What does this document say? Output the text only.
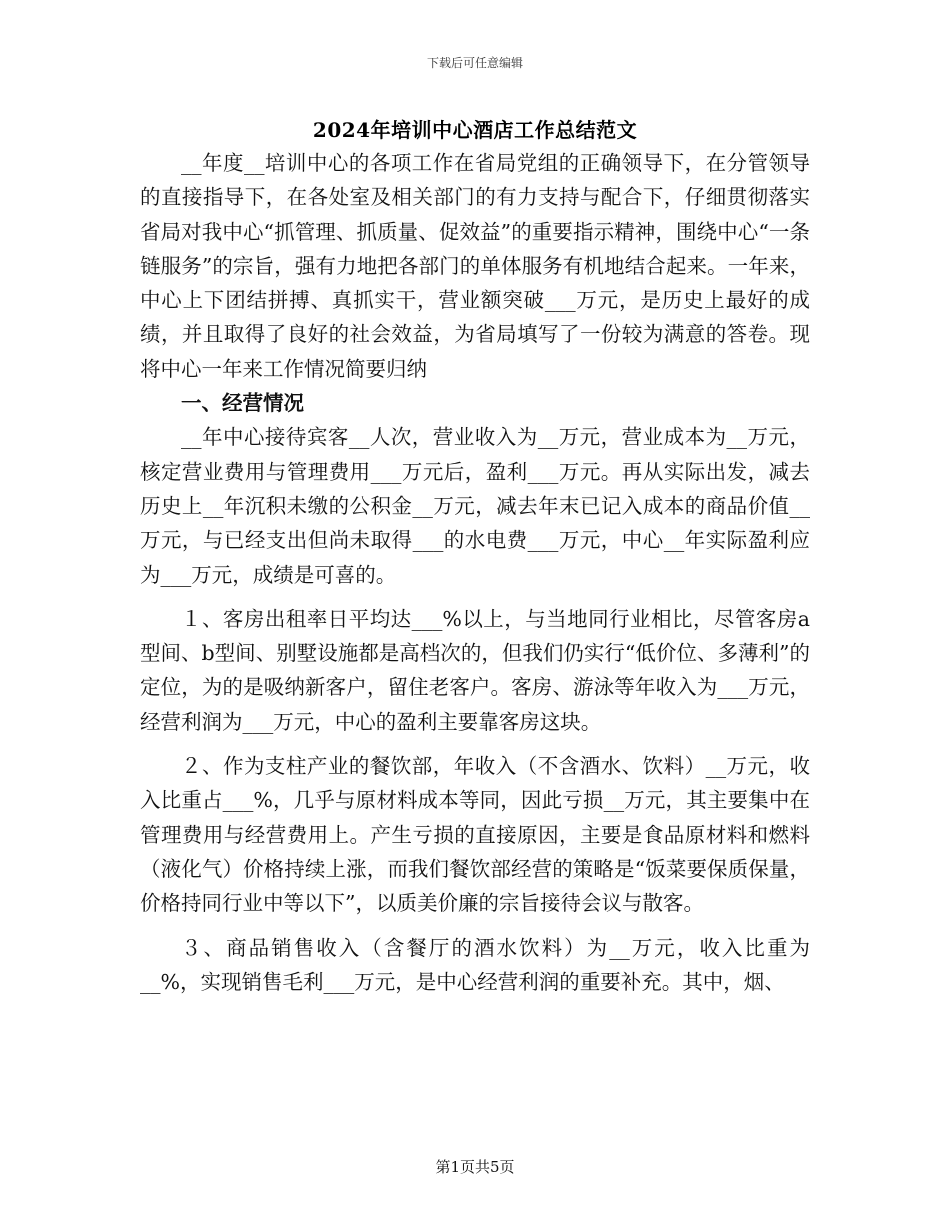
下载后可任意编辑
2024年培训中心酒店工作总结范文

__年度__培训中心的各项工作在省局党组的正确领导下，在分管领导的直接指导下，在各处室及相关部门的有力支持与配合下，仔细贯彻落实省局对我中心“抓管理、抓质量、促效益”的重要指示精神，围绕中心“一条链服务”的宗旨，强有力地把各部门的单体服务有机地结合起来。一年来，中心上下团结拼搏、真抓实干，营业额突破___万元，是历史上最好的成绩，并且取得了良好的社会效益，为省局填写了一份较为满意的答卷。现将中心一年来工作情况简要归纳

一、经营情况

__年中心接待宾客__人次，营业收入为__万元，营业成本为__万元，核定营业费用与管理费用___万元后，盈利___万元。再从实际出发，减去历史上__年沉积未缴的公积金__万元，减去年末已记入成本的商品价值__万元，与已经支出但尚未取得___的水电费___万元，中心__年实际盈利应为___万元，成绩是可喜的。

１、客房出租率日平均达___%以上，与当地同行业相比，尽管客房a型间、b型间、别墅设施都是高档次的，但我们仍实行“低价位、多薄利”的定位，为的是吸纳新客户，留住老客户。客房、游泳等年收入为___万元，经营利润为___万元，中心的盈利主要靠客房这块。

２、作为支柱产业的餐饮部，年收入（不含酒水、饮料）__万元，收入比重占___%，几乎与原材料成本等同，因此亏损__万元，其主要集中在管理费用与经营费用上。产生亏损的直接原因，主要是食品原材料和燃料（液化气）价格持续上涨，而我们餐饮部经营的策略是“饭菜要保质保量，价格持同行业中等以下”，以质美价廉的宗旨接待会议与散客。

３、商品销售收入（含餐厅的酒水饮料）为__万元，收入比重为__%，实现销售毛利___万元，是中心经营利润的重要补充。其中，烟、

第1页共5页
